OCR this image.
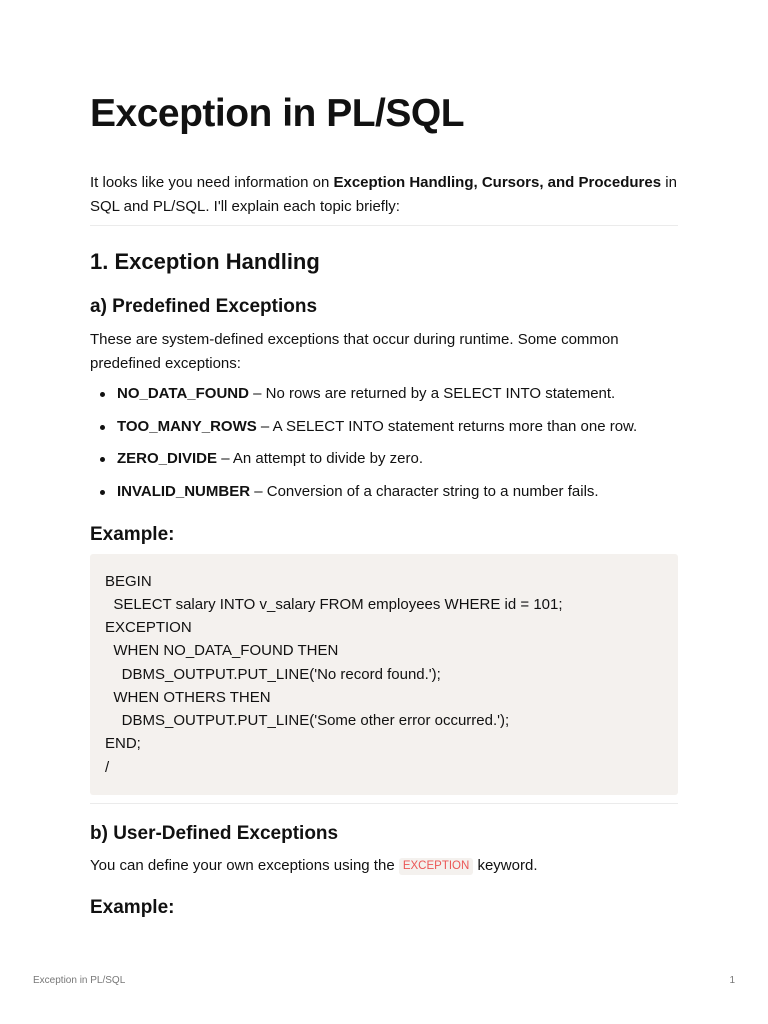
Exception in PL/SQL

It looks like you need information on Exception Handling, Cursors, and Procedures in SQL and PL/SQL. I'll explain each topic briefly:

1. Exception Handling
a) Predefined Exceptions

These are system-defined exceptions that occur during runtime. Some common predefined exceptions:

NO_DATA_FOUND – No rows are returned by a SELECT INTO statement.
TOO_MANY_ROWS – A SELECT INTO statement returns more than one row.
ZERO_DIVIDE – An attempt to divide by zero.
INVALID_NUMBER – Conversion of a character string to a number fails.
Example:
BEGIN
SELECT salary INTO v_salary FROM employees WHERE id = 101;
EXCEPTION
WHEN NO_DATA_FOUND THEN
DBMS_OUTPUT.PUT_LINE('No record found.');
WHEN OTHERS THEN
DBMS_OUTPUT.PUT_LINE('Some other error occurred.');
END;
/
b) User-Defined Exceptions

You can define your own exceptions using the EXCEPTION keyword.

Example:
Exception in PL/SQL	1
